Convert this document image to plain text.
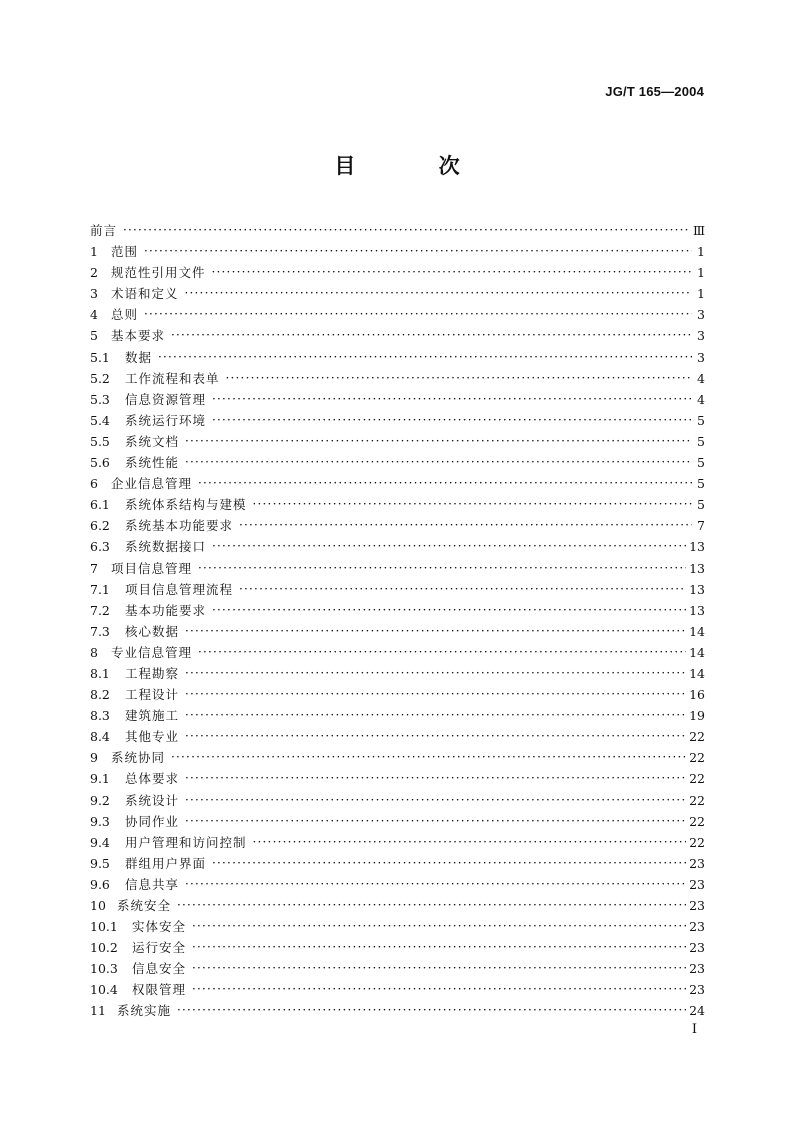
JG/T 165—2004
目 次
前言 ·····	Ⅲ
1	范围 ·····	1
2	规范性引用文件 ·····	1
3	术语和定义 ·····	1
4	总则 ·····	3
5	基本要求 ·····	3
5.1	数据 ·····	3
5.2	工作流程和表单 ·····	4
5.3	信息资源管理 ·····	4
5.4	系统运行环境 ·····	5
5.5	系统文档 ·····	5
5.6	系统性能 ·····	5
6	企业信息管理 ·····	5
6.1	系统体系结构与建模 ·····	5
6.2	系统基本功能要求 ·····	7
6.3	系统数据接口 ·····	13
7	项目信息管理 ·····	13
7.1	项目信息管理流程 ·····	13
7.2	基本功能要求 ·····	13
7.3	核心数据 ·····	14
8	专业信息管理 ·····	14
8.1	工程勘察 ·····	14
8.2	工程设计 ·····	16
8.3	建筑施工 ·····	19
8.4	其他专业 ·····	22
9	系统协同 ·····	22
9.1	总体要求 ·····	22
9.2	系统设计 ·····	22
9.3	协同作业 ·····	22
9.4	用户管理和访问控制 ·····	22
9.5	群组用户界面 ·····	23
9.6	信息共享 ·····	23
10 系统安全 ·····	23
10.1	实体安全 ·····	23
10.2	运行安全 ·····	23
10.3	信息安全 ·····	23
10.4	权限管理 ·····	23
11 系统实施 ·····	24
I
